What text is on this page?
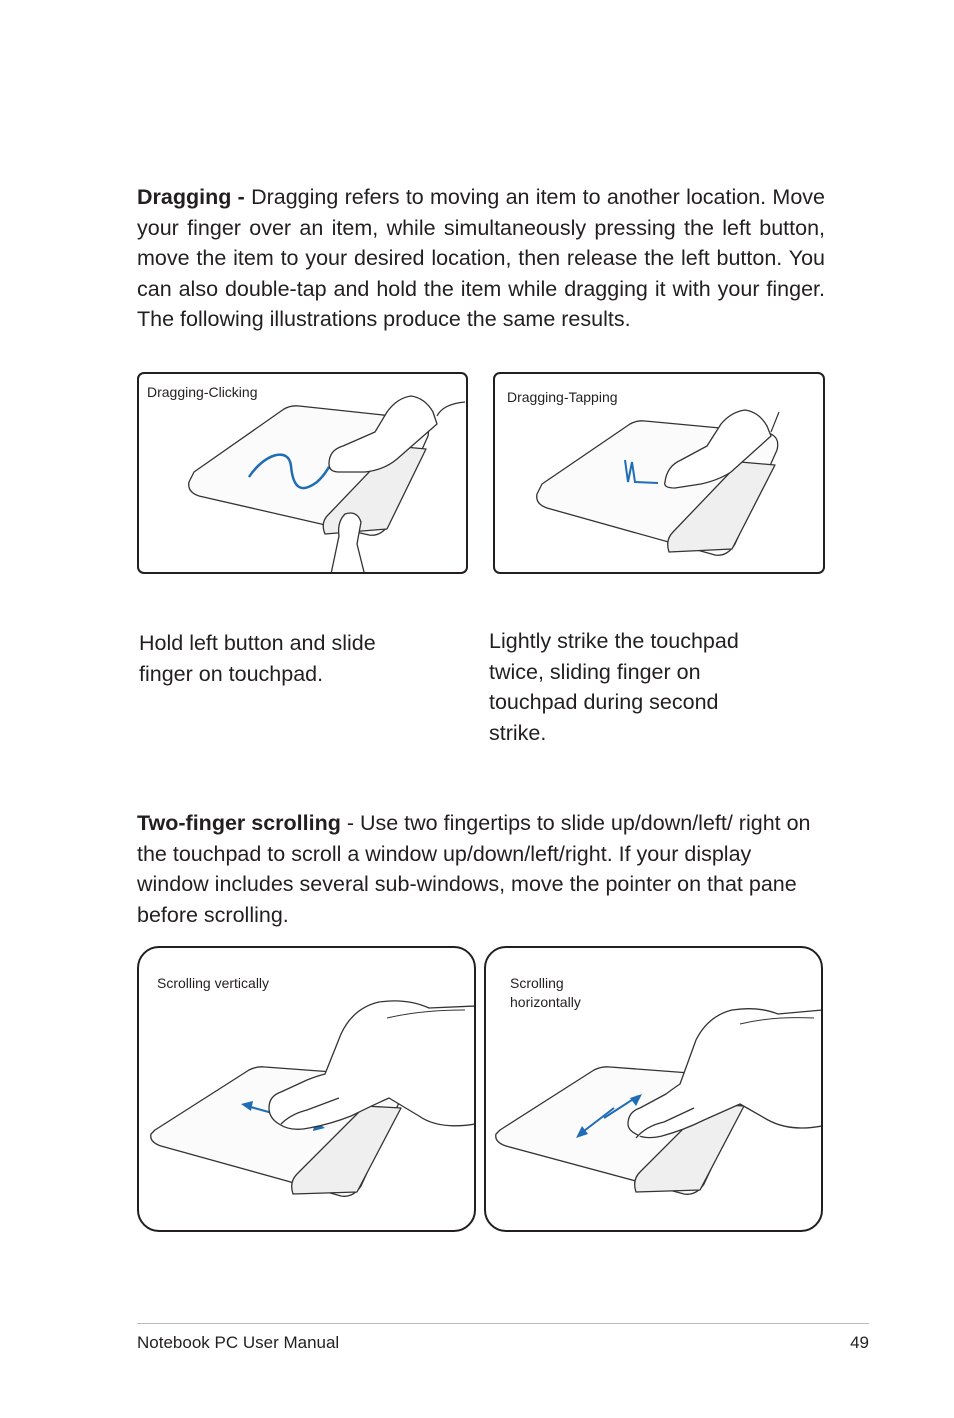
Dragging - Dragging refers to moving an item to another location. Move your finger over an item, while simultaneously pressing the left button, move the item to your desired location, then release the left button. You can also double-tap and hold the item while dragging it with your finger. The following illustrations produce the same results.

Dragging-Clicking	Dragging-Tapping

Hold left button and slide finger on touchpad.

Lightly strike the touchpad twice, sliding finger on touchpad during second strike.

Two-finger scrolling - Use two fingertips to slide up/down/left/ right on the touchpad to scroll a window up/down/left/right. If your display window includes several sub-windows, move the pointer on that pane before scrolling.

Scrolling vertically	Scrolling
horizontally
Notebook PC User Manual	49
